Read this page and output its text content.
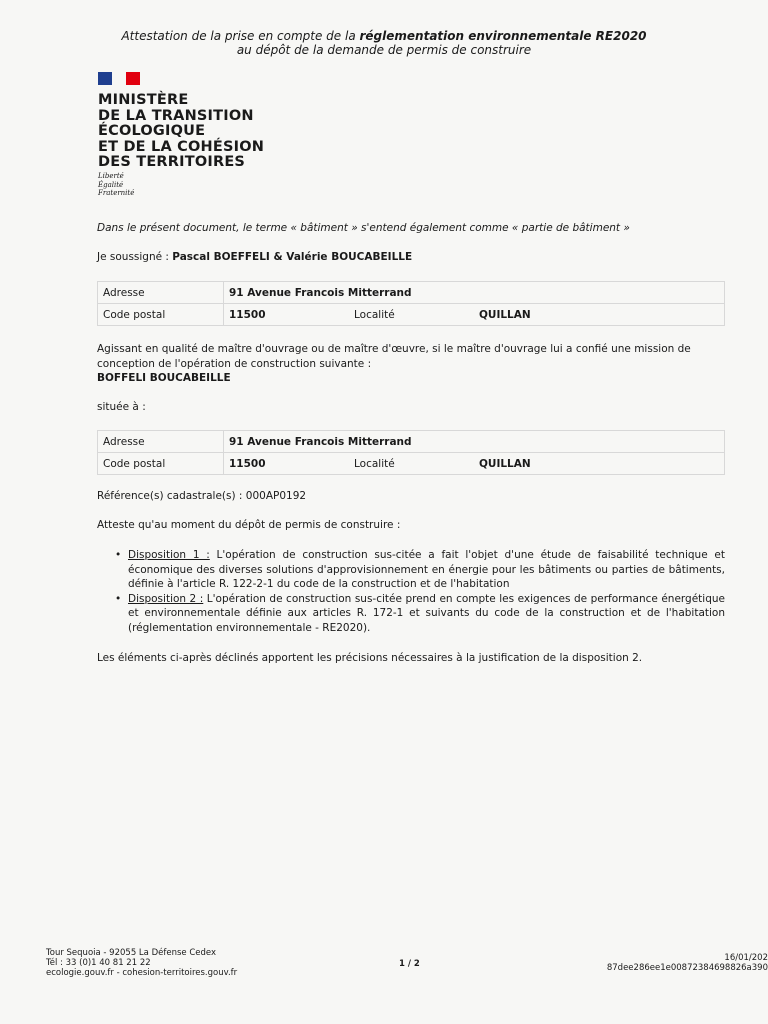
Attestation de la prise en compte de la réglementation environnementale RE2020
au dépôt de la demande de permis de construire
MINISTÈRE
DE LA TRANSITION
ÉCOLOGIQUE
ET DE LA COHÉSION
DES TERRITOIRES
Liberté
Égalité
Fraternité
Dans le présent document, le terme « bâtiment » s'entend également comme « partie de bâtiment »
Je soussigné : Pascal BOEFFELI & Valérie BOUCABEILLE
Adresse	91 Avenue Francois Mitterrand		
Code postal	11500	Localité	QUILLAN
Agissant en qualité de maître d'ouvrage ou de maître d'œuvre, si le maître d'ouvrage lui a confié une mission de
conception de l'opération de construction suivante :
BOFFELI BOUCABEILLE
située à :
Adresse	91 Avenue Francois Mitterrand		
Code postal	11500	Localité	QUILLAN
Référence(s) cadastrale(s) : 000AP0192
Atteste qu'au moment du dépôt de permis de construire :
• Disposition 1 : L'opération de construction sus-citée a fait l'objet d'une étude de faisabilité technique et économique des diverses solutions d'approvisionnement en énergie pour les bâtiments ou parties de bâtiments, définie à l'article R. 122-2-1 du code de la construction et de l'habitation
• Disposition 2 : L'opération de construction sus-citée prend en compte les exigences de performance énergétique et environnementale définie aux articles R. 172-1 et suivants du code de la construction et de l'habitation (réglementation environnementale - RE2020).
Les éléments ci-après déclinés apportent les précisions nécessaires à la justification de la disposition 2.
Tour Sequoia - 92055 La Défense Cedex
Tél : 33 (0)1 40 81 21 22
ecologie.gouv.fr - cohesion-territoires.gouv.fr
1 / 2
16/01/202
87dee286ee1e00872384698826a390
